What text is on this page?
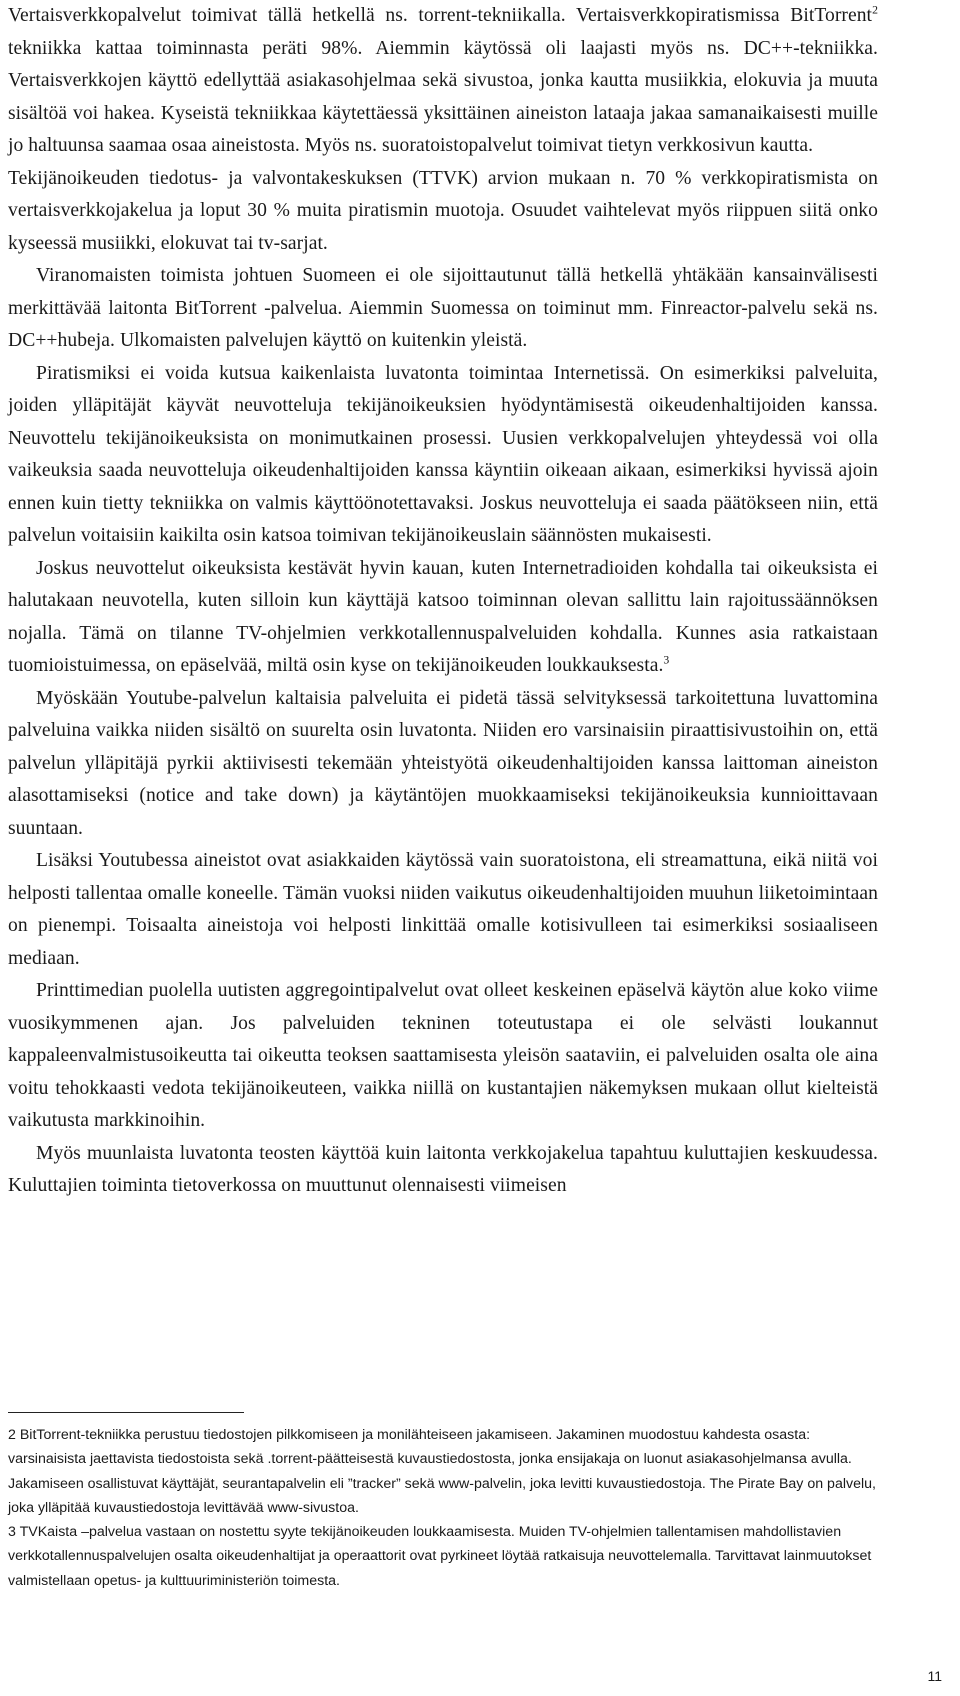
Vertaisverkkopalvelut toimivat tällä hetkellä ns. torrent-tekniikalla. Vertaisverkkopiratismissa BitTorrent$^2$ tekniikka kattaa toiminnasta peräti 98%. Aiemmin käytössä oli laajasti myös ns. DC++-tekniikka. Vertaisverkkojen käyttö edellyttää asiakasohjelmaa sekä sivustoa, jonka kautta musiikkia, elokuvia ja muuta sisältöä voi hakea. Kyseistä tekniikkaa käytettäessä yksittäinen aineiston lataaja jakaa samanaikaisesti muille jo haltuunsa saamaa osaa aineistosta. Myös ns. suoratoistopalvelut toimivat tietyn verkkosivun kautta.

Tekijänoikeuden tiedotus- ja valvontakeskuksen (TTVK) arvion mukaan n. 70 % verkkopiratismista on vertaisverkkojakelua ja loput 30 % muita piratismin muotoja. Osuudet vaihtelevat myös riippuen siitä onko kyseessä musiikki, elokuvat tai tv-sarjat.

Viranomaisten toimista johtuen Suomeen ei ole sijoittautunut tällä hetkellä yhtäkään kansainvälisesti merkittävää laitonta BitTorrent -palvelua. Aiemmin Suomessa on toiminut mm. Finreactor-palvelu sekä ns. DC++hubeja. Ulkomaisten palvelujen käyttö on kuitenkin yleistä.

Piratismiksi ei voida kutsua kaikenlaista luvatonta toimintaa Internetissä. On esimerkiksi palveluita, joiden ylläpitäjät käyvät neuvotteluja tekijänoikeuksien hyödyntämisestä oikeudenhaltijoiden kanssa. Neuvottelu tekijänoikeuksista on monimutkainen prosessi. Uusien verkkopalvelujen yhteydessä voi olla vaikeuksia saada neuvotteluja oikeudenhaltijoiden kanssa käyntiin oikeaan aikaan, esimerkiksi hyvissä ajoin ennen kuin tietty tekniikka on valmis käyttöönotettavaksi. Joskus neuvotteluja ei saada päätökseen niin, että palvelun voitaisiin kaikilta osin katsoa toimivan tekijänoikeuslain säännösten mukaisesti.

Joskus neuvottelut oikeuksista kestävät hyvin kauan, kuten Internetradioiden kohdalla tai oikeuksista ei halutakaan neuvotella, kuten silloin kun käyttäjä katsoo toiminnan olevan sallittu lain rajoitussäännöksen nojalla. Tämä on tilanne TV-ohjelmien verkkotallennuspalveluiden kohdalla. Kunnes asia ratkaistaan tuomioistuimessa, on epäselvää, miltä osin kyse on tekijänoikeuden loukkauksesta.$^3$

Myöskään Youtube-palvelun kaltaisia palveluita ei pidetä tässä selvityksessä tarkoitettuna luvattomina palveluina vaikka niiden sisältö on suurelta osin luvatonta. Niiden ero varsinaisiin piraattisivustoihin on, että palvelun ylläpitäjä pyrkii aktiivisesti tekemään yhteistyötä oikeudenhaltijoiden kanssa laittoman aineiston alasottamiseksi (notice and take down) ja käytäntöjen muokkaamiseksi tekijänoikeuksia kunnioittavaan suuntaan.

Lisäksi Youtubessa aineistot ovat asiakkaiden käytössä vain suoratoistona, eli streamattuna, eikä niitä voi helposti tallentaa omalle koneelle. Tämän vuoksi niiden vaikutus oikeudenhaltijoiden muuhun liiketoimintaan on pienempi. Toisaalta aineistoja voi helposti linkittää omalle kotisivulleen tai esimerkiksi sosiaaliseen mediaan.

Printtimedian puolella uutisten aggregointipalvelut ovat olleet keskeinen epäselvä käytön alue koko viime vuosikymmenen ajan. Jos palveluiden tekninen toteutustapa ei ole selvästi loukannut kappaleenvalmistusoikeutta tai oikeutta teoksen saattamisesta yleisön saataviin, ei palveluiden osalta ole aina voitu tehokkaasti vedota tekijänoikeuteen, vaikka niillä on kustantajien näkemyksen mukaan ollut kielteistä vaikutusta markkinoihin.

Myös muunlaista luvatonta teosten käyttöä kuin laitonta verkkojakelua tapahtuu kuluttajien keskuudessa. Kuluttajien toiminta tietoverkossa on muuttunut olennaisesti viimeisen

2 BitTorrent-tekniikka perustuu tiedostojen pilkkomiseen ja monilähteiseen jakamiseen. Jakaminen muodostuu kahdesta osasta: varsinaisista jaettavista tiedostoista sekä .torrent-päätteisestä kuvaustiedostosta, jonka ensijakaja on luonut asiakasohjelmansa avulla. Jakamiseen osallistuvat käyttäjät, seurantapalvelin eli ”tracker” sekä www-palvelin, joka levitti kuvaustiedostoja. The Pirate Bay on palvelu, joka ylläpitää kuvaustiedostoja levittävää www-sivustoa.

3 TVKaista –palvelua vastaan on nostettu syyte tekijänoikeuden loukkaamisesta. Muiden TV-ohjelmien tallentamisen mahdollistavien verkkotallennuspalvelujen osalta oikeudenhaltijat ja operaattorit ovat pyrkineet löytää ratkaisuja neuvottelemalla. Tarvittavat lainmuutokset valmistellaan opetus- ja kulttuuriministeriön toimesta.

11
